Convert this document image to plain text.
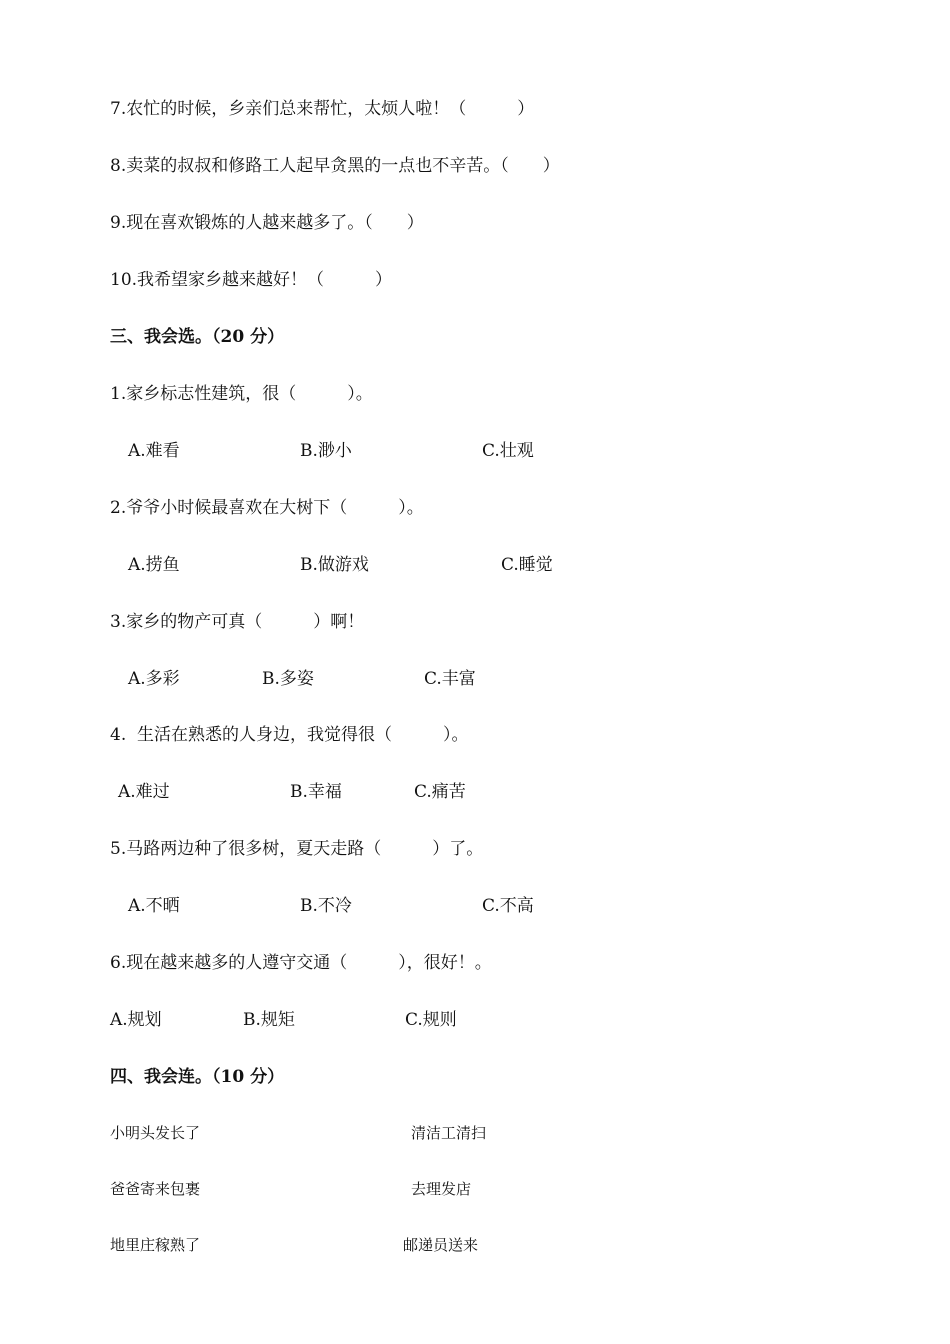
7.农忙的时候，乡亲们总来帮忙，太烦人啦！（　　　）
8.卖菜的叔叔和修路工人起早贪黑的一点也不辛苦。（　　）
9.现在喜欢锻炼的人越来越多了。（　　）
10.我希望家乡越来越好！（　　　）
三、我会选。（20 分）
1.家乡标志性建筑，很（　　　）。
A.难看	B.渺小	C.壮观
2.爷爷小时候最喜欢在大树下（　　　）。
A.捞鱼	B.做游戏	C.睡觉
3.家乡的物产可真（　　　）啊！
A.多彩	B.多姿	C.丰富
4.  生活在熟悉的人身边，我觉得很（　　　）。
A.难过	B.幸福	C.痛苦
5.马路两边种了很多树，夏天走路（　　　）了。
A.不晒	B.不冷	C.不高
6.现在越来越多的人遵守交通（　　　），很好！。
A.规划	B.规矩	C.规则
四、我会连。（10 分）
小明头发长了	清洁工清扫
爸爸寄来包裹	去理发店
地里庄稼熟了	邮递员送来
